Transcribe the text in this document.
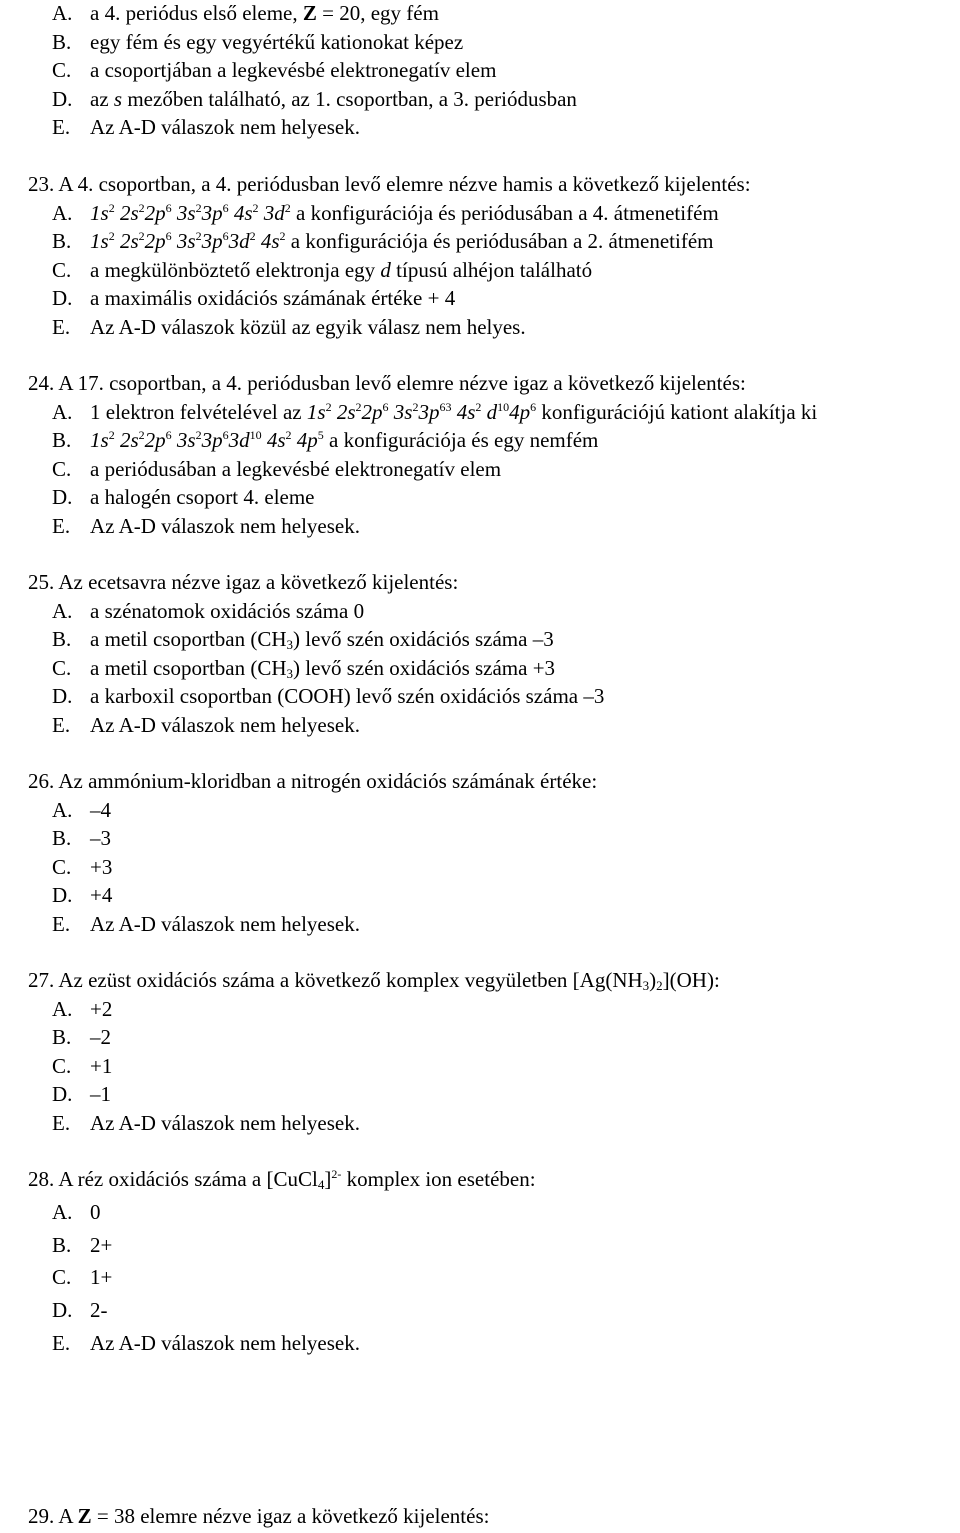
A. a 4. periódus első eleme, Z = 20, egy fém
B. egy fém és egy vegyértékű kationokat képez
C. a csoportjában a legkevésbé elektronegatív elem
D. az s mezőben található, az 1. csoportban, a 3. periódusban
E. Az A-D válaszok nem helyesek.
23. A 4. csoportban, a 4. periódusban levő elemre nézve hamis a következő kijelentés:
A. $1s^2$ $2s^22p^6$ $3s^23p^6$ $4s^2$ $3d^2$ a konfigurációja és periódusában a 4. átmenetifém
B. $1s^2$ $2s^22p^6$ $3s^23p^63d^2$ $4s^2$ a konfigurációja és periódusában a 2. átmenetifém
C. a megkülönböztető elektronja egy d típusú alhéjon található
D. a maximális oxidációs számának értéke + 4
E. Az A-D válaszok közül az egyik válasz nem helyes.
24. A 17. csoportban, a 4. periódusban levő elemre nézve igaz a következő kijelentés:
A. 1 elektron felvételével az $1s^2$ $2s^22p^6$ $3s^23p^{63}$ $4s^2$ $d^{10}4p^6$ konfigurációjú kationt alakítja ki
B. $1s^2$ $2s^22p^6$ $3s^23p^63d^{10}$ $4s^2$ $4p^5$ a konfigurációja és egy nemfém
C. a periódusában a legkevésbé elektronegatív elem
D. a halogén csoport 4. eleme
E. Az A-D válaszok nem helyesek.
25. Az ecetsavra nézve igaz a következő kijelentés:
A. a szénatomok oxidációs száma 0
B. a metil csoportban $(CH_3)$ levő szén oxidációs száma –3
C. a metil csoportban $(CH_3)$ levő szén oxidációs száma +3
D. a karboxil csoportban (COOH) levő szén oxidációs száma –3
E. Az A-D válaszok nem helyesek.
26. Az ammónium-kloridban a nitrogén oxidációs számának értéke:
A. –4
B. –3
C. +3
D. +4
E. Az A-D válaszok nem helyesek.
27. Az ezüst oxidációs száma a következő komplex vegyületben $[Ag(NH_3)_2](OH)$:
A. +2
B. –2
C. +1
D. –1
E. Az A-D válaszok nem helyesek.
28. A réz oxidációs száma a [CuCl$_4$]$^{2-}$ komplex ion esetében:
A. 0
B. 2+
C. 1+
D. 2-
E. Az A-D válaszok nem helyesek.
29. A Z = 38 elemre nézve igaz a következő kijelentés:
